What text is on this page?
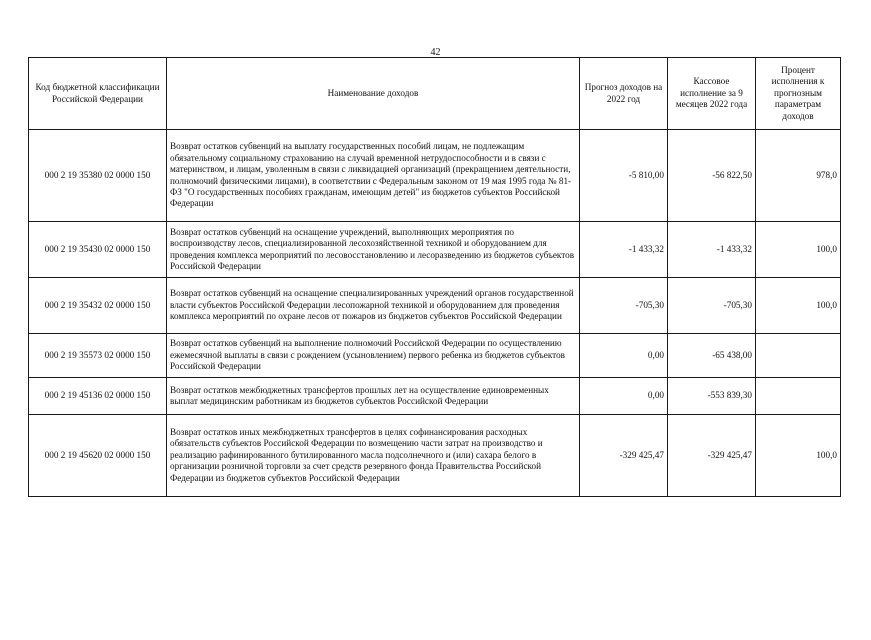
42
Код бюджетной классификации Российской Федерации	Наименование доходов	Прогноз доходов на 2022 год	Кассовое исполнение за 9 месяцев 2022 года	Процент исполнения к прогнозным параметрам доходов
000 2 19 35380 02 0000 150	Возврат остатков субвенций на выплату государственных пособий лицам, не подлежащим обязательному социальному страхованию на случай временной нетрудоспособности и в связи с материнством, и лицам, уволенным в связи с ликвидацией организаций (прекращением деятельности, полномочий физическими лицами), в соответствии с Федеральным законом от 19 мая 1995 года № 81-ФЗ "О государственных пособиях гражданам, имеющим детей" из бюджетов субъектов Российской Федерации	-5 810,00	-56 822,50	978,0
000 2 19 35430 02 0000 150	Возврат остатков субвенций на оснащение учреждений, выполняющих мероприятия по воспроизводству лесов, специализированной лесохозяйственной техникой и оборудованием для проведения комплекса мероприятий по лесовосстановлению и лесоразведению из бюджетов субъектов Российской Федерации	-1 433,32	-1 433,32	100,0
000 2 19 35432 02 0000 150	Возврат остатков субвенций на оснащение специализированных учреждений органов государственной власти субъектов Российской Федерации лесопожарной техникой и оборудованием для проведения комплекса мероприятий по охране лесов от пожаров из бюджетов субъектов Российской Федерации	-705,30	-705,30	100,0
000 2 19 35573 02 0000 150	Возврат остатков субвенций на выполнение полномочий Российской Федерации по осуществлению ежемесячной выплаты в связи с рождением (усыновлением) первого ребенка из бюджетов субъектов Российской Федерации	0,00	-65 438,00	
000 2 19 45136 02 0000 150	Возврат остатков межбюджетных трансфертов прошлых лет на осуществление единовременных выплат медицинским работникам из бюджетов субъектов Российской Федерации	0,00	-553 839,30	
000 2 19 45620 02 0000 150	Возврат остатков иных межбюджетных трансфертов в целях софинансирования расходных обязательств субъектов Российской Федерации по возмещению части затрат на производство и реализацию рафинированного бутилированного масла подсолнечного и (или) сахара белого в организации розничной торговли за счет средств резервного фонда Правительства Российской Федерации из бюджетов субъектов Российской Федерации	-329 425,47	-329 425,47	100,0
